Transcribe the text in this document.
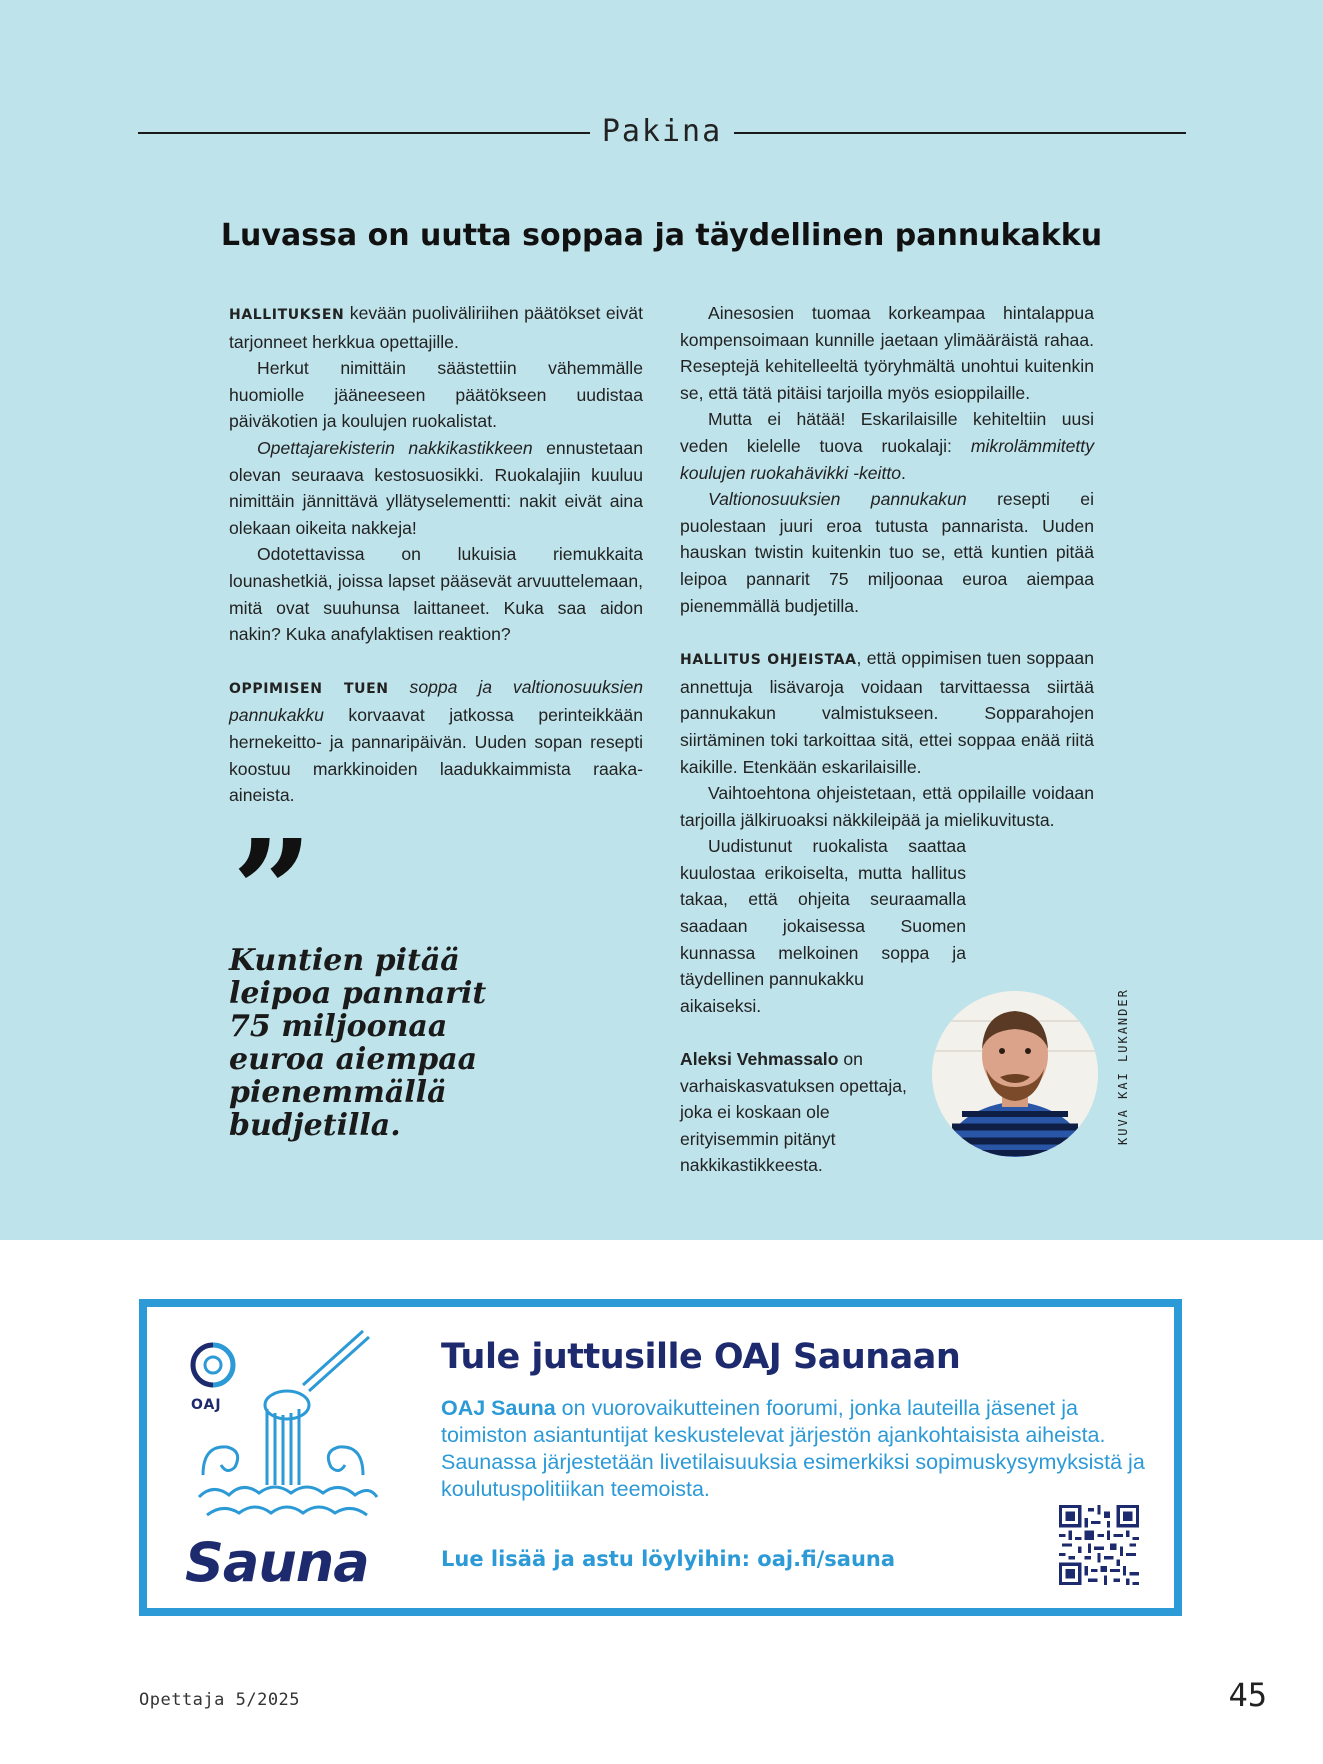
Pakina
Luvassa on uutta soppaa ja täydellinen pannukakku

HALLITUKSEN kevään puoliväliriihen päätökset eivät tarjonneet herkkua opettajille.

Herkut nimittäin säästettiin vähemmälle huomiolle jääneeseen päätökseen uudistaa päiväkotien ja koulujen ruokalistat.

Opettajarekisterin nakkikastikkeen ennustetaan olevan seuraava kestosuosikki. Ruokalajiin kuuluu nimittäin jännittävä yllätyselementti: nakit eivät aina olekaan oikeita nakkeja!

Odotettavissa on lukuisia riemukkaita lounashetkiä, joissa lapset pääsevät arvuuttelemaan, mitä ovat suuhunsa laittaneet. Kuka saa aidon nakin? Kuka anafylaktisen reaktion?

OPPIMISEN TUEN soppa ja valtionosuuksien pannukakku korvaavat jatkossa perinteikkään hernekeitto- ja pannaripäivän. Uuden sopan resepti koostuu markkinoiden laadukkaimmista raaka-aineista.

”
Kuntien pitää
leipoa pannarit
75 miljoonaa
euroa aiempaa
pienemmällä
budjetilla.

Ainesosien tuomaa korkeampaa hintalappua kompensoimaan kunnille jaetaan ylimääräistä rahaa. Reseptejä kehitelleeltä työryhmältä unohtui kuitenkin se, että tätä pitäisi tarjoilla myös esioppilaille.

Mutta ei hätää! Eskarilaisille kehiteltiin uusi veden kielelle tuova ruokalaji: mikrolämmitetty koulujen ruokahävikki -keitto.

Valtionosuuksien pannukakun resepti ei puolestaan juuri eroa tutusta pannarista. Uuden hauskan twistin kuitenkin tuo se, että kuntien pitää leipoa pannarit 75 miljoonaa euroa aiempaa pienemmällä budjetilla.

HALLITUS OHJEISTAA, että oppimisen tuen soppaan annettuja lisävaroja voidaan tarvittaessa siirtää pannukakun valmistukseen. Sopparahojen siirtäminen toki tarkoittaa sitä, ettei soppaa enää riitä kaikille. Etenkään eskarilaisille.

Vaihtoehtona ohjeistetaan, että oppilaille voidaan tarjoilla jälkiruoaksi näkkileipää ja mielikuvitusta.

Uudistunut ruokalista saattaa kuulostaa erikoiselta, mutta hallitus takaa, että ohjeita seuraamalla saadaan jokaisessa Suomen kunnassa melkoinen soppa ja täydellinen pannukakku

aikaiseksi.

Aleksi Vehmassalo on varhaiskasvatuksen opettaja, joka ei koskaan ole erityisemmin pitänyt nakkikastikkeesta.
KUVA KAI LUKANDER
OAJ
Sauna
Tule juttusille OAJ Saunaan
OAJ Sauna on vuorovaikutteinen foorumi, jonka lauteilla jäsenet ja toimiston asiantuntijat keskustelevat järjestön ajankohtaisista aiheista. Saunassa järjestetään livetilaisuuksia esimerkiksi sopimuskysymyksistä ja koulutuspolitiikan teemoista.
Lue lisää ja astu löylyihin: oaj.fi/sauna
Opettaja 5/2025	45
